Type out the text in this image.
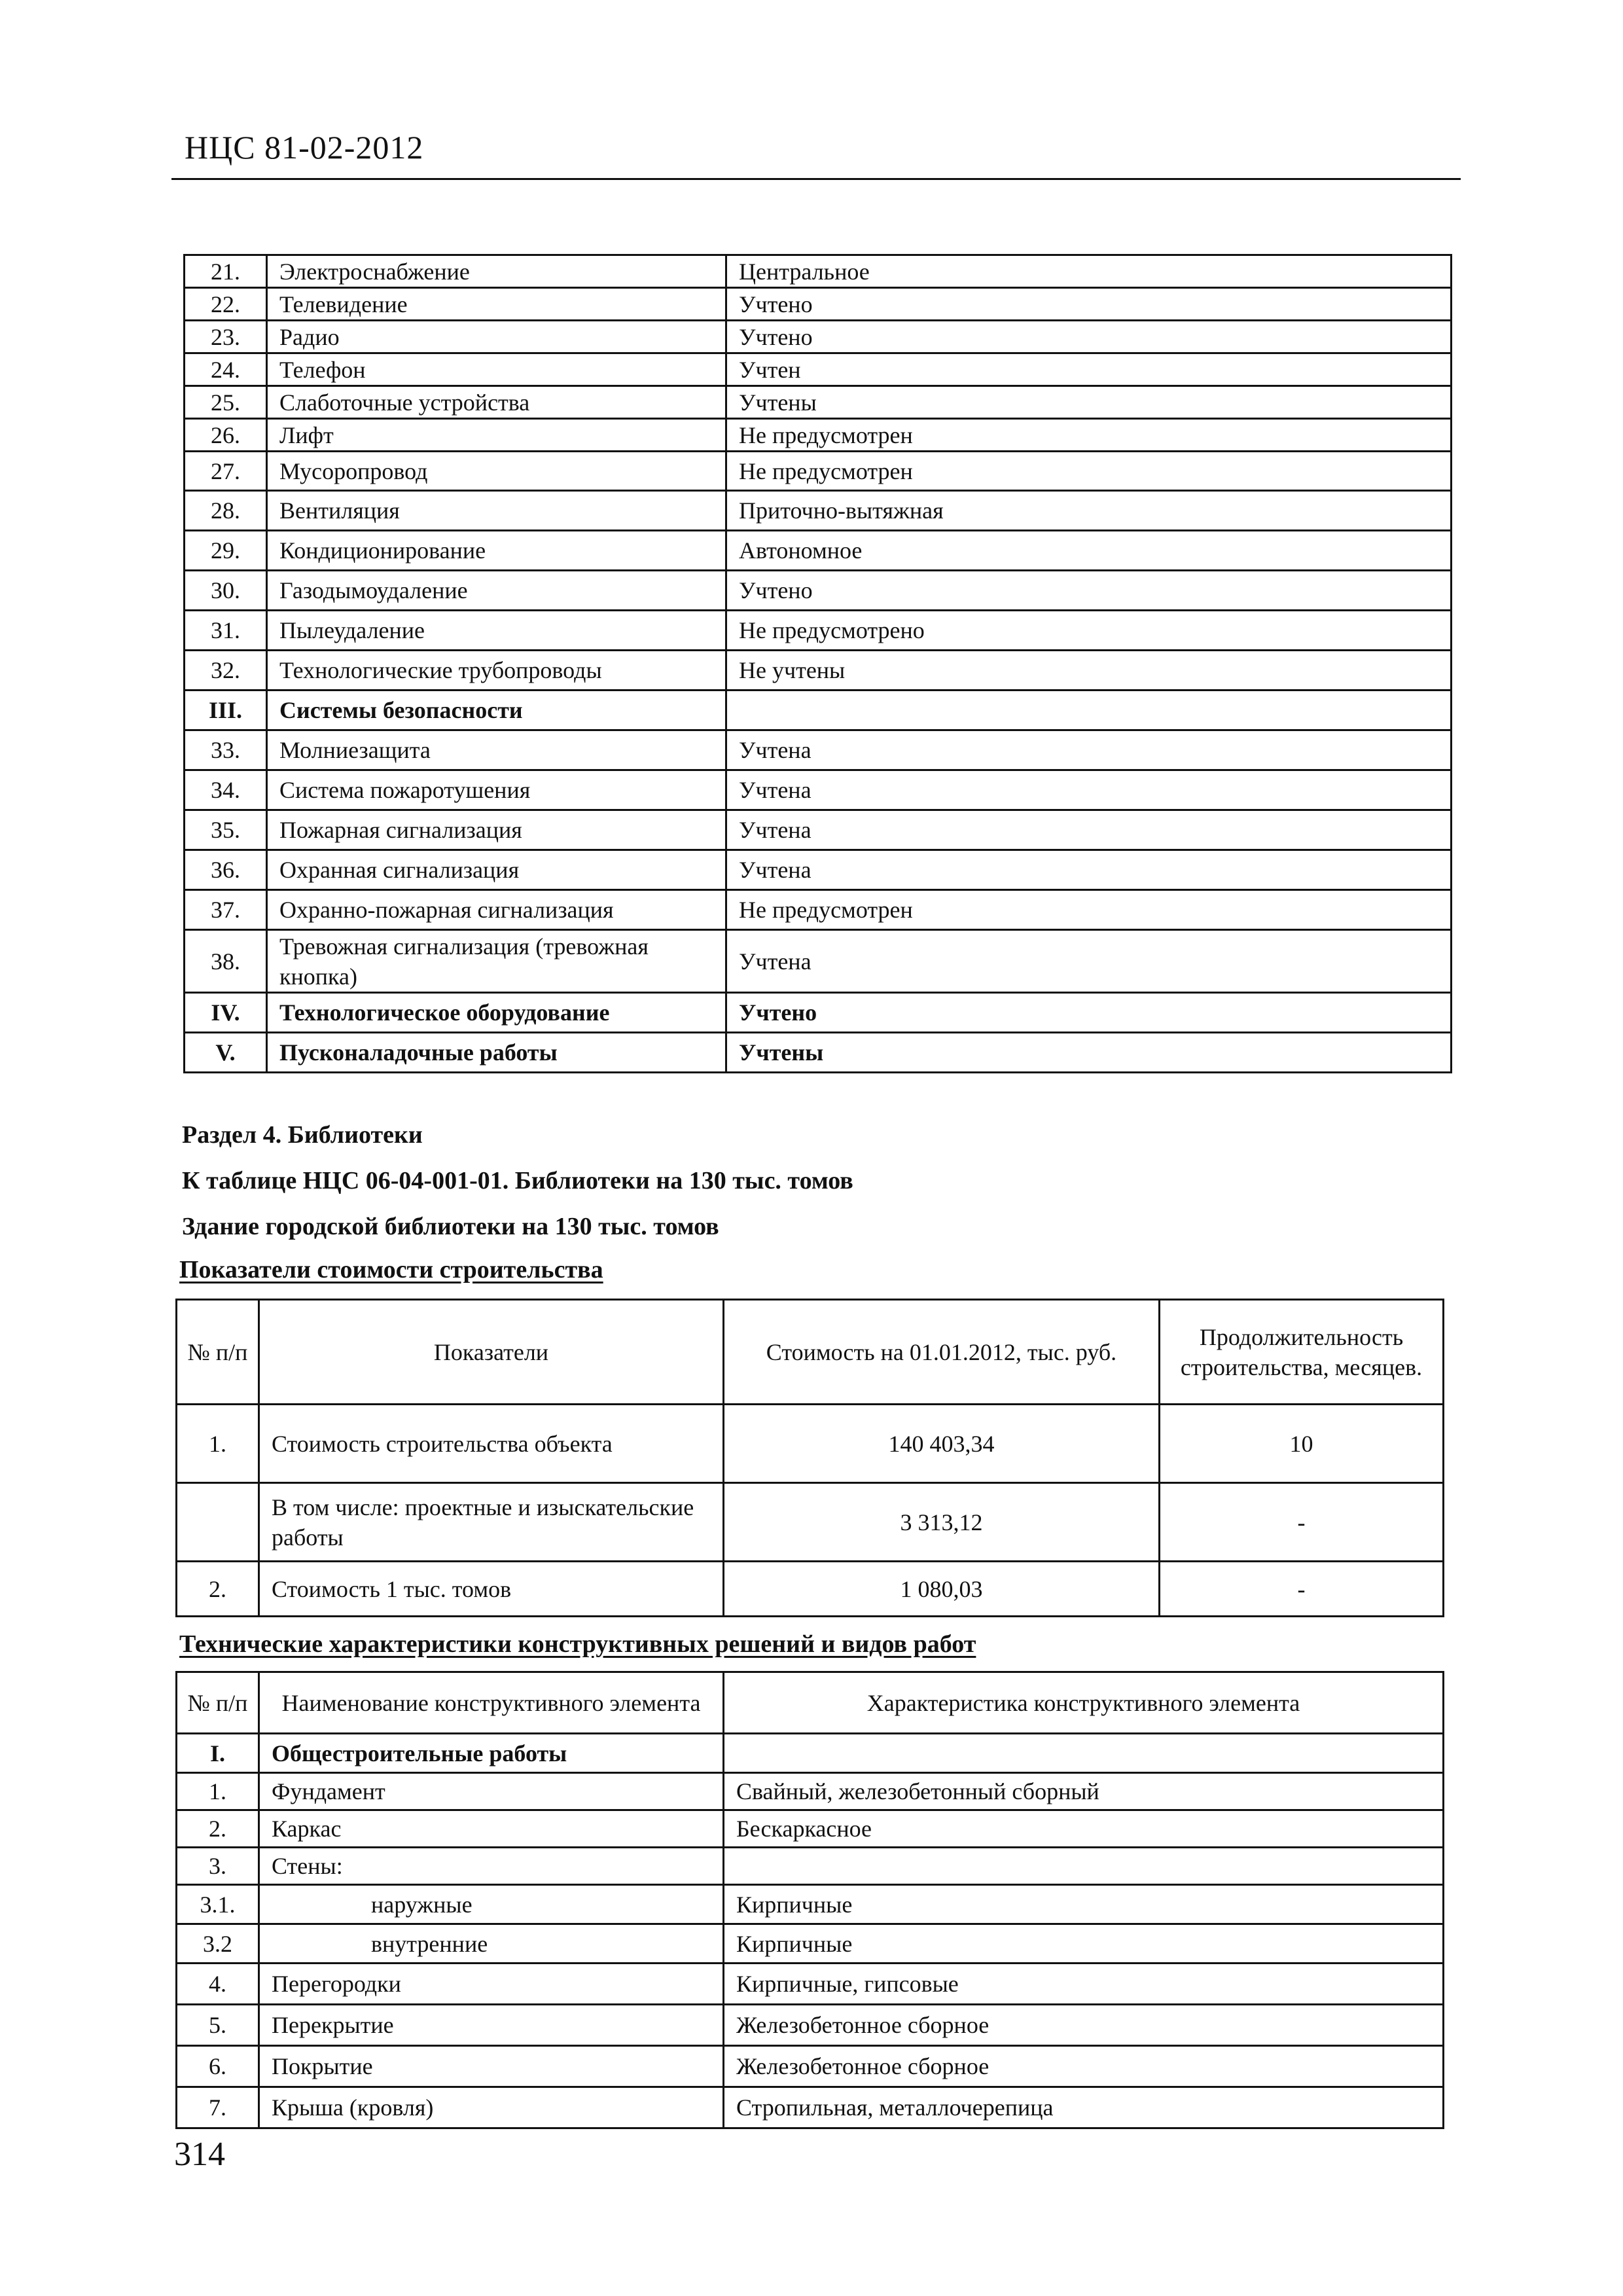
НЦС 81-02-2012
21.	Электроснабжение	Центральное
22.	Телевидение	Учтено
23.	Радио	Учтено
24.	Телефон	Учтен
25.	Слаботочные устройства	Учтены
26.	Лифт	Не предусмотрен
27.	Мусоропровод	Не предусмотрен
28.	Вентиляция	Приточно-вытяжная
29.	Кондиционирование	Автономное
30.	Газодымоудаление	Учтено
31.	Пылеудаление	Не предусмотрено
32.	Технологические трубопроводы	Не учтены
III.	Системы безопасности	
33.	Молниезащита	Учтена
34.	Система пожаротушения	Учтена
35.	Пожарная сигнализация	Учтена
36.	Охранная сигнализация	Учтена
37.	Охранно-пожарная сигнализация	Не предусмотрен
38.	Тревожная сигнализация (тревожная кнопка)	Учтена
IV.	Технологическое оборудование	Учтено
V.	Пусконаладочные работы	Учтены
Раздел 4. Библиотеки
К таблице НЦС 06-04-001-01. Библиотеки на 130 тыс. томов
Здание городской библиотеки на 130 тыс. томов
Показатели стоимости строительства
№ п/п	Показатели	Стоимость на 01.01.2012, тыс. руб.	Продолжительность строительства, месяцев.
1.	Стоимость строительства объекта	140 403,34	10
	В том числе: проектные и изыскательские работы	3 313,12	-
2.	Стоимость 1 тыс. томов	1 080,03	-
Технические характеристики конструктивных решений и видов работ
№ п/п	Наименование конструктивного элемента	Характеристика конструктивного элемента
I.	Общестроительные работы	
1.	Фундамент	Свайный, железобетонный сборный
2.	Каркас	Бескаркасное
3.	Стены:	
3.1.	наружные	Кирпичные
3.2	внутренние	Кирпичные
4.	Перегородки	Кирпичные, гипсовые
5.	Перекрытие	Железобетонное сборное
6.	Покрытие	Железобетонное сборное
7.	Крыша (кровля)	Стропильная, металлочерепица
314
